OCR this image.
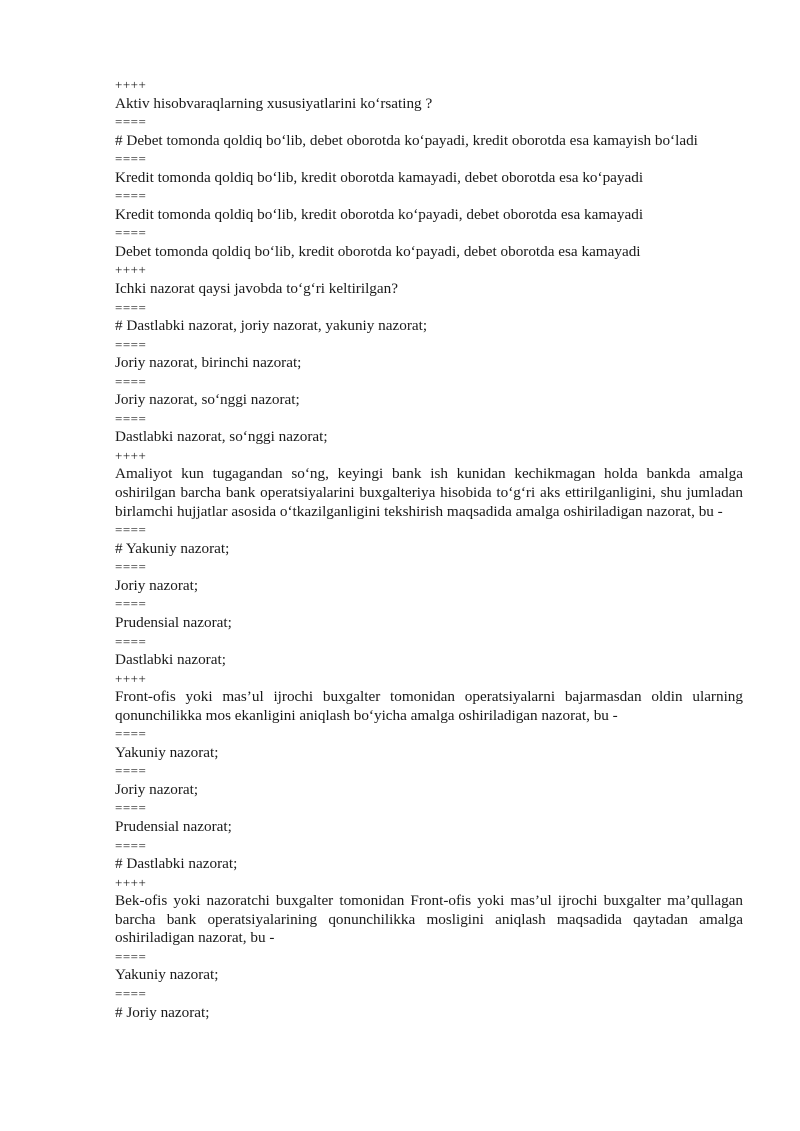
++++
Aktiv hisobvaraqlarning xususiyatlarini ko‘rsating ?
====
# Debet tomonda qoldiq bo‘lib, debet oborotda ko‘payadi, kredit oborotda esa kamayish bo‘ladi
====
Kredit tomonda qoldiq bo‘lib, kredit oborotda kamayadi, debet oborotda esa ko‘payadi
====
Kredit tomonda qoldiq bo‘lib, kredit oborotda ko‘payadi, debet oborotda esa kamayadi
====
Debet tomonda qoldiq bo‘lib, kredit oborotda ko‘payadi, debet oborotda esa kamayadi
++++
Ichki nazorat qaysi javobda to‘g‘ri keltirilgan?
====
# Dastlabki nazorat, joriy nazorat, yakuniy nazorat;
====
Joriy nazorat, birinchi nazorat;
====
Joriy nazorat, so‘nggi nazorat;
====
Dastlabki nazorat, so‘nggi nazorat;
++++
Amaliyot kun tugagandan so‘ng, keyingi bank ish kunidan kechikmagan holda bankda amalga oshirilgan barcha bank operatsiyalarini buxgalteriya hisobida to‘g‘ri aks ettirilganligini, shu jumladan birlamchi hujjatlar asosida o‘tkazilganligini tekshirish maqsadida amalga oshiriladigan nazorat, bu -
====
# Yakuniy nazorat;
====
Joriy nazorat;
====
Prudensial nazorat;
====
Dastlabki nazorat;
++++
Front-ofis yoki mas’ul ijrochi buxgalter tomonidan operatsiyalarni bajarmasdan oldin ularning qonunchilikka mos ekanligini aniqlash bo‘yicha amalga oshiriladigan nazorat, bu -
====
Yakuniy nazorat;
====
Joriy nazorat;
====
Prudensial nazorat;
====
# Dastlabki nazorat;
++++
Bek-ofis yoki nazoratchi buxgalter tomonidan Front-ofis yoki mas’ul ijrochi buxgalter ma’qullagan barcha bank operatsiyalarining qonunchilikka mosligini aniqlash maqsadida qaytadan amalga oshiriladigan nazorat, bu -
====
Yakuniy nazorat;
====
# Joriy nazorat;
